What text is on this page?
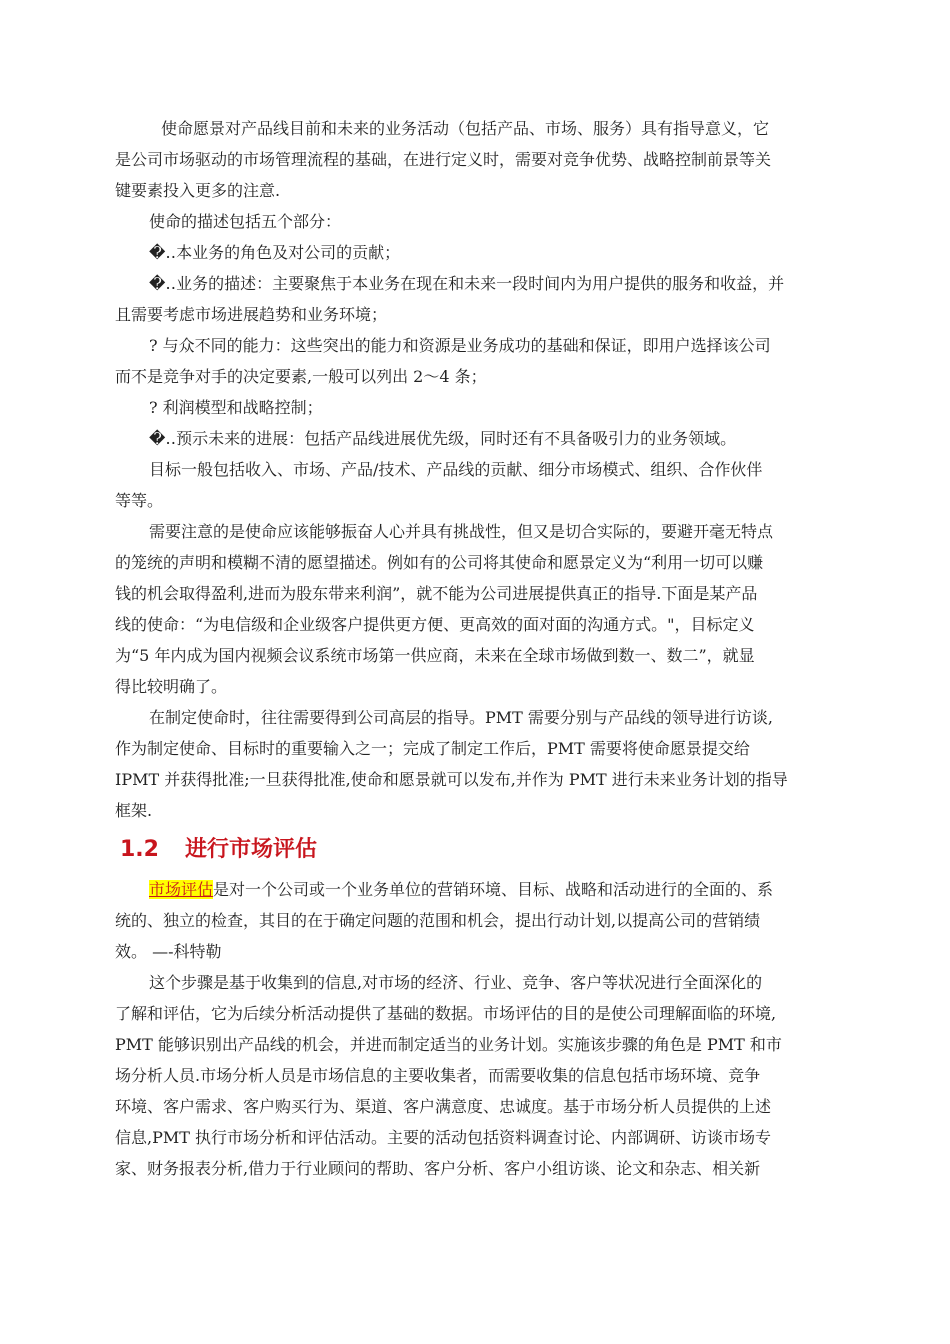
使命愿景对产品线目前和未来的业务活动（包括产品、市场、服务）具有指导意义，它
是公司市场驱动的市场管理流程的基础，在进行定义时，需要对竞争优势、战略控制前景等关
键要素投入更多的注意.
使命的描述包括五个部分：
�‥本业务的角色及对公司的贡献；
�‥业务的描述：主要聚焦于本业务在现在和未来一段时间内为用户提供的服务和收益，并
且需要考虑市场进展趋势和业务环境；
? 与众不同的能力：这些突出的能力和资源是业务成功的基础和保证，即用户选择该公司
而不是竞争对手的决定要素,一般可以列出 2～4 条；
? 利润模型和战略控制；
�‥预示未来的进展：包括产品线进展优先级，同时还有不具备吸引力的业务领域。
目标一般包括收入、市场、产品/技术、产品线的贡献、细分市场模式、组织、合作伙伴
等等。
需要注意的是使命应该能够振奋人心并具有挑战性，但又是切合实际的，要避开毫无特点
的笼统的声明和模糊不清的愿望描述。例如有的公司将其使命和愿景定义为“利用一切可以赚
钱的机会取得盈利,进而为股东带来利润”，就不能为公司进展提供真正的指导.下面是某产品
线的使命：“为电信级和企业级客户提供更方便、更高效的面对面的沟通方式。"，目标定义
为“5 年内成为国内视频会议系统市场第一供应商，未来在全球市场做到数一、数二”，就显
得比较明确了。
在制定使命时，往往需要得到公司高层的指导。PMT 需要分别与产品线的领导进行访谈,
作为制定使命、目标时的重要输入之一；完成了制定工作后，PMT 需要将使命愿景提交给
IPMT 并获得批准;一旦获得批准,使命和愿景就可以发布,并作为 PMT 进行未来业务计划的指导
框架.
1.2 进行市场评估
市场评估是对一个公司或一个业务单位的营销环境、目标、战略和活动进行的全面的、系
统的、独立的检查，其目的在于确定问题的范围和机会，提出行动计划,以提高公司的营销绩
效。 —-科特勒
这个步骤是基于收集到的信息,对市场的经济、行业、竞争、客户等状况进行全面深化的
了解和评估，它为后续分析活动提供了基础的数据。市场评估的目的是使公司理解面临的环境,
PMT 能够识别出产品线的机会，并进而制定适当的业务计划。实施该步骤的角色是 PMT 和市
场分析人员.市场分析人员是市场信息的主要收集者，而需要收集的信息包括市场环境、竞争
环境、客户需求、客户购买行为、渠道、客户满意度、忠诚度。基于市场分析人员提供的上述
信息,PMT 执行市场分析和评估活动。主要的活动包括资料调查讨论、内部调研、访谈市场专
家、财务报表分析,借力于行业顾问的帮助、客户分析、客户小组访谈、论文和杂志、相关新
